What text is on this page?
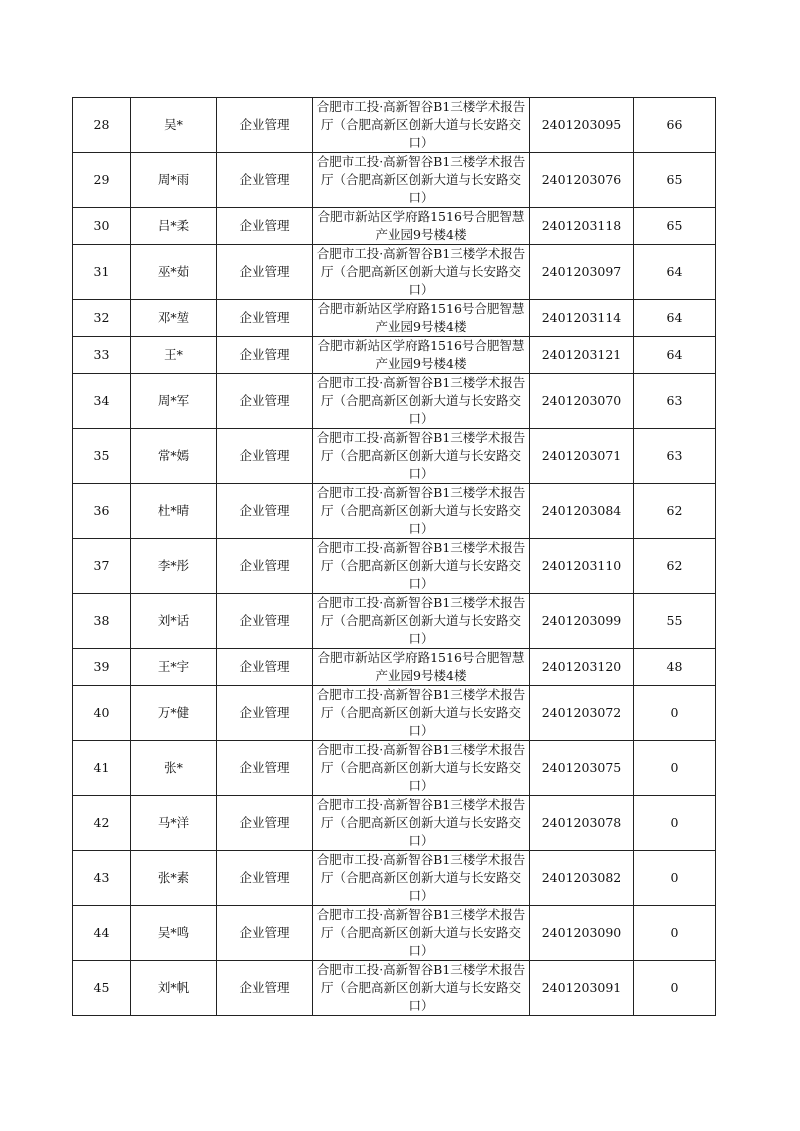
28	吴*	企业管理	合肥市工投·高新智谷B1三楼学术报告厅（合肥高新区创新大道与长安路交口）	2401203095	66
29	周*雨	企业管理	合肥市工投·高新智谷B1三楼学术报告厅（合肥高新区创新大道与长安路交口）	2401203076	65
30	吕*柔	企业管理	合肥市新站区学府路1516号合肥智慧产业园9号楼4楼	2401203118	65
31	巫*茹	企业管理	合肥市工投·高新智谷B1三楼学术报告厅（合肥高新区创新大道与长安路交口）	2401203097	64
32	邓*堃	企业管理	合肥市新站区学府路1516号合肥智慧产业园9号楼4楼	2401203114	64
33	王*	企业管理	合肥市新站区学府路1516号合肥智慧产业园9号楼4楼	2401203121	64
34	周*军	企业管理	合肥市工投·高新智谷B1三楼学术报告厅（合肥高新区创新大道与长安路交口）	2401203070	63
35	常*嫣	企业管理	合肥市工投·高新智谷B1三楼学术报告厅（合肥高新区创新大道与长安路交口）	2401203071	63
36	杜*晴	企业管理	合肥市工投·高新智谷B1三楼学术报告厅（合肥高新区创新大道与长安路交口）	2401203084	62
37	李*彤	企业管理	合肥市工投·高新智谷B1三楼学术报告厅（合肥高新区创新大道与长安路交口）	2401203110	62
38	刘*话	企业管理	合肥市工投·高新智谷B1三楼学术报告厅（合肥高新区创新大道与长安路交口）	2401203099	55
39	王*宇	企业管理	合肥市新站区学府路1516号合肥智慧产业园9号楼4楼	2401203120	48
40	万*健	企业管理	合肥市工投·高新智谷B1三楼学术报告厅（合肥高新区创新大道与长安路交口）	2401203072	0
41	张*	企业管理	合肥市工投·高新智谷B1三楼学术报告厅（合肥高新区创新大道与长安路交口）	2401203075	0
42	马*洋	企业管理	合肥市工投·高新智谷B1三楼学术报告厅（合肥高新区创新大道与长安路交口）	2401203078	0
43	张*素	企业管理	合肥市工投·高新智谷B1三楼学术报告厅（合肥高新区创新大道与长安路交口）	2401203082	0
44	吴*鸣	企业管理	合肥市工投·高新智谷B1三楼学术报告厅（合肥高新区创新大道与长安路交口）	2401203090	0
45	刘*帆	企业管理	合肥市工投·高新智谷B1三楼学术报告厅（合肥高新区创新大道与长安路交口）	2401203091	0
